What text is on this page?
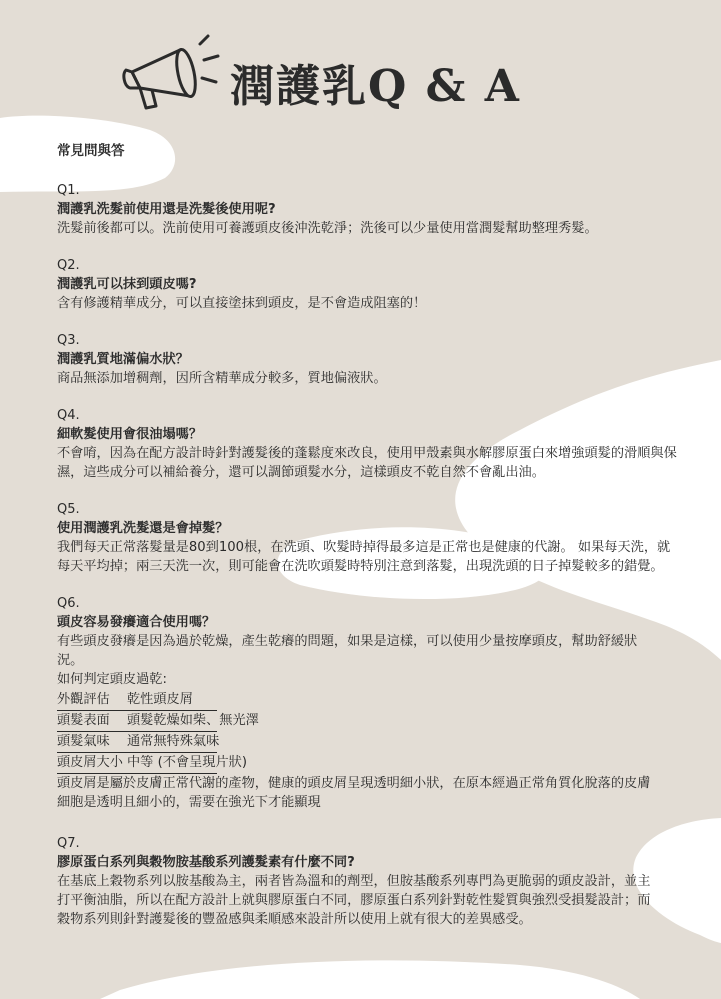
潤護乳Q & A
常見問與答
Q1.
潤護乳洗髮前使用還是洗髮後使用呢?
洗髮前後都可以。洗前使用可養護頭皮後沖洗乾淨；洗後可以少量使用當潤髮幫助整理秀髮。
Q2.
潤護乳可以抹到頭皮嗎?
含有修護精華成分，可以直接塗抹到頭皮，是不會造成阻塞的！
Q3.
潤護乳質地滿偏水狀？
商品無添加增稠劑，因所含精華成分較多，質地偏液狀。
Q4.
細軟髮使用會很油塌嗎？
不會唷，因為在配方設計時針對護髮後的蓬鬆度來改良，使用甲殼素與水解膠原蛋白來增強頭髮的滑順與保濕，這些成分可以補給養分，還可以調節頭髮水分，這樣頭皮不乾自然不會亂出油。
Q5.
使用潤護乳洗髮還是會掉髮？
我們每天正常落髮量是80到100根，在洗頭、吹髮時掉得最多這是正常也是健康的代謝。 如果每天洗，就每天平均掉；兩三天洗一次，則可能會在洗吹頭髮時特別注意到落髮，出現洗頭的日子掉髮較多的錯覺。
Q6.
頭皮容易發癢適合使用嗎？
有些頭皮發癢是因為過於乾燥，產生乾癢的問題，如果是這樣，可以使用少量按摩頭皮，幫助舒緩狀況。
如何判定頭皮過乾:
外觀評估 乾性頭皮屑
頭髮表面 頭髮乾燥如柴、無光澤
頭髮氣味 通常無特殊氣味
頭皮屑大小 中等 (不會呈現片狀)
頭皮屑是屬於皮膚正常代謝的產物，健康的頭皮屑呈現透明細小狀，在原本經過正常角質化脫落的皮膚細胞是透明且細小的，需要在強光下才能顯現
Q7.
膠原蛋白系列與穀物胺基酸系列護髮素有什麼不同?
在基底上穀物系列以胺基酸為主，兩者皆為溫和的劑型，但胺基酸系列專門為更脆弱的頭皮設計，並主打平衡油脂，所以在配方設計上就與膠原蛋白不同，膠原蛋白系列針對乾性髮質與強烈受損髮設計；而穀物系列則針對護髮後的豐盈感與柔順感來設計所以使用上就有很大的差異感受。
